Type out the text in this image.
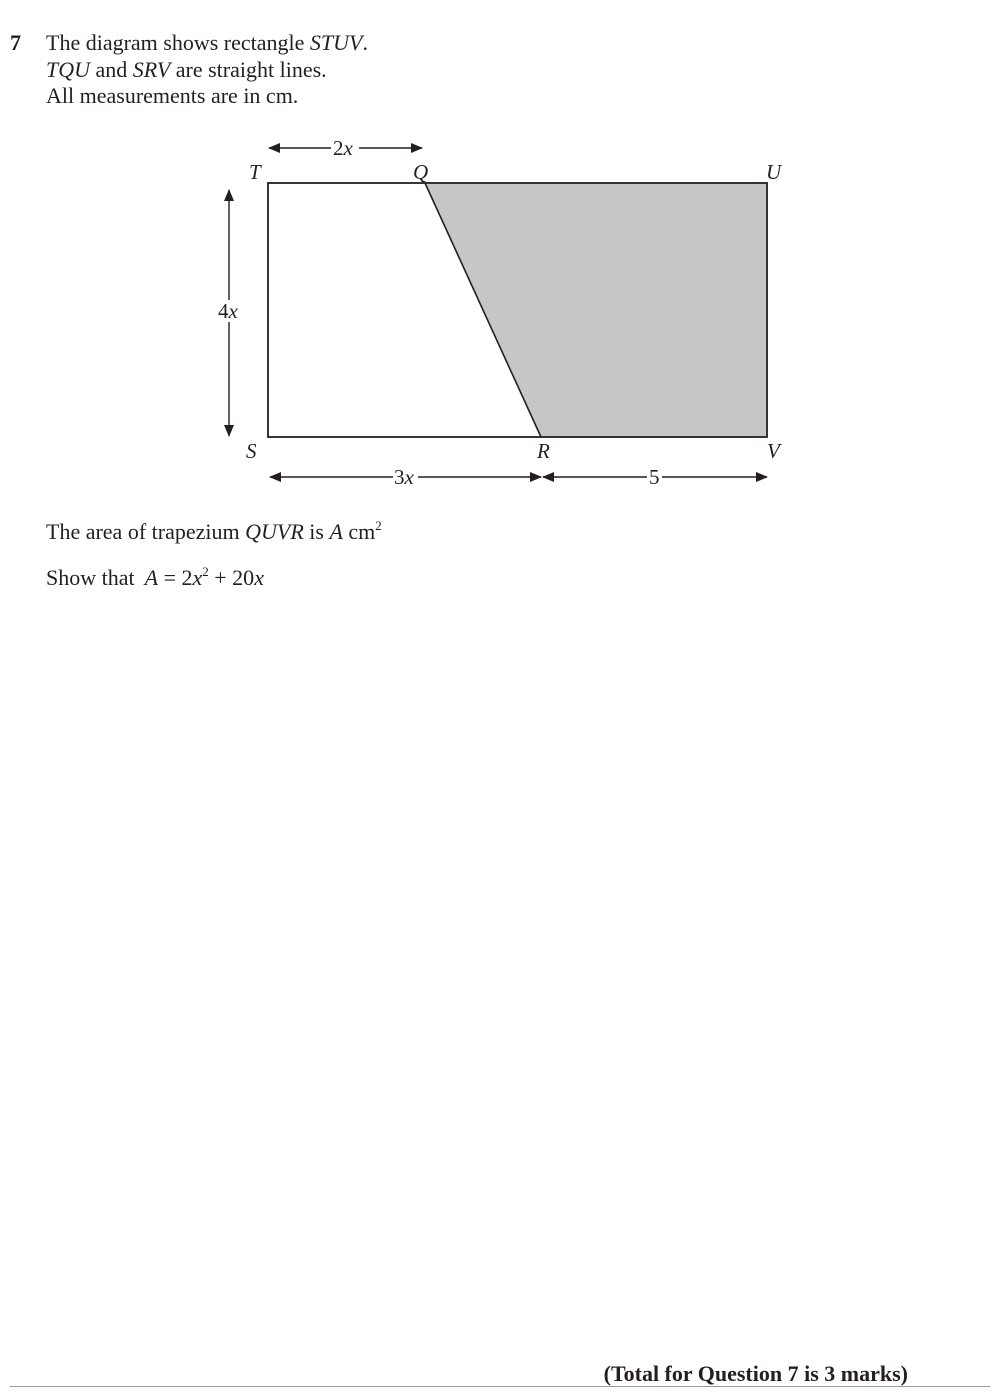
7 The diagram shows rectangle STUV.
TQU and SRV are straight lines.
All measurements are in cm.
T	Q	U
S	R	V
2x
4x
3x	5
The area of trapezium QUVR is A $cm^2$
Show that $A = 2x^2 + 20x$
(Total for Question 7 is 3 marks)
